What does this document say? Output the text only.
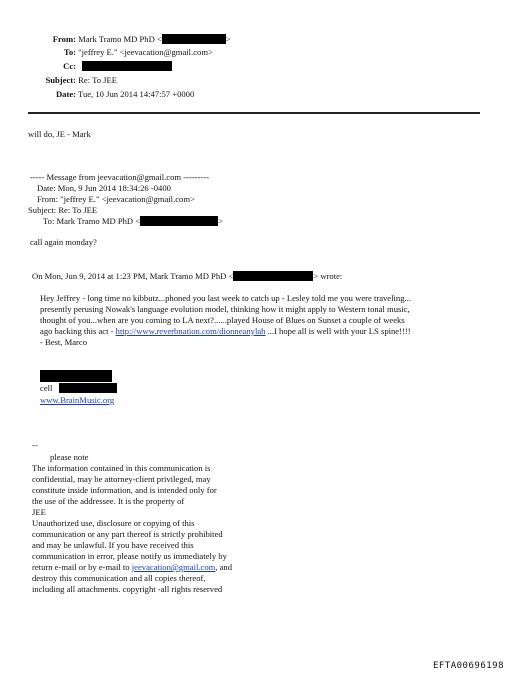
From: Mark Tramo MD PhD <	>
To: "jeffrey E." <jeevacation@gmail.com>
Cc:
Subject: Re: To JEE
Date: Tue, 10 Jun 2014 14:47:57 +0000
will do, JE - Mark
----- Message from jeevacation@gmail.com ---------
Date: Mon, 9 Jun 2014 18:34:26 -0400
From: "jeffrey E." <jeevacation@gmail.com>
Subject: Re: To JEE
To: Mark Tramo MD PhD <	>
call again monday?
On Mon, Jun 9, 2014 at 1:23 PM, Mark Tramo MD PhD <	> wrote:
Hey Jeffrey - long time no kibbutz...phoned you last week to catch up - Lesley told me you were traveling...
presently perusing Nowak's language evolution model, thinking how it might apply to Western tonal music,
thought of you...when are you coming to LA next?......played House of Blues on Sunset a couple of weeks
ago backing this act - http://www.reverbnation.com/dionneanylah ...I hope all is well with your LS spine!!!!
- Best, Marco
cell
www.BrainMusic.org
--
please note
The information contained in this communication is
confidential, may be attorney-client privileged, may
constitute inside information, and is intended only for
the use of the addressee. It is the property of
JEE
Unauthorized use, disclosure or copying of this
communication or any part thereof is strictly prohibited
and may be unlawful. If you have received this
communication in error, please notify us immediately by
return e-mail or by e-mail to jeevacation@gmail.com, and
destroy this communication and all copies thereof,
including all attachments. copyright -all rights reserved
EFTA00696198
